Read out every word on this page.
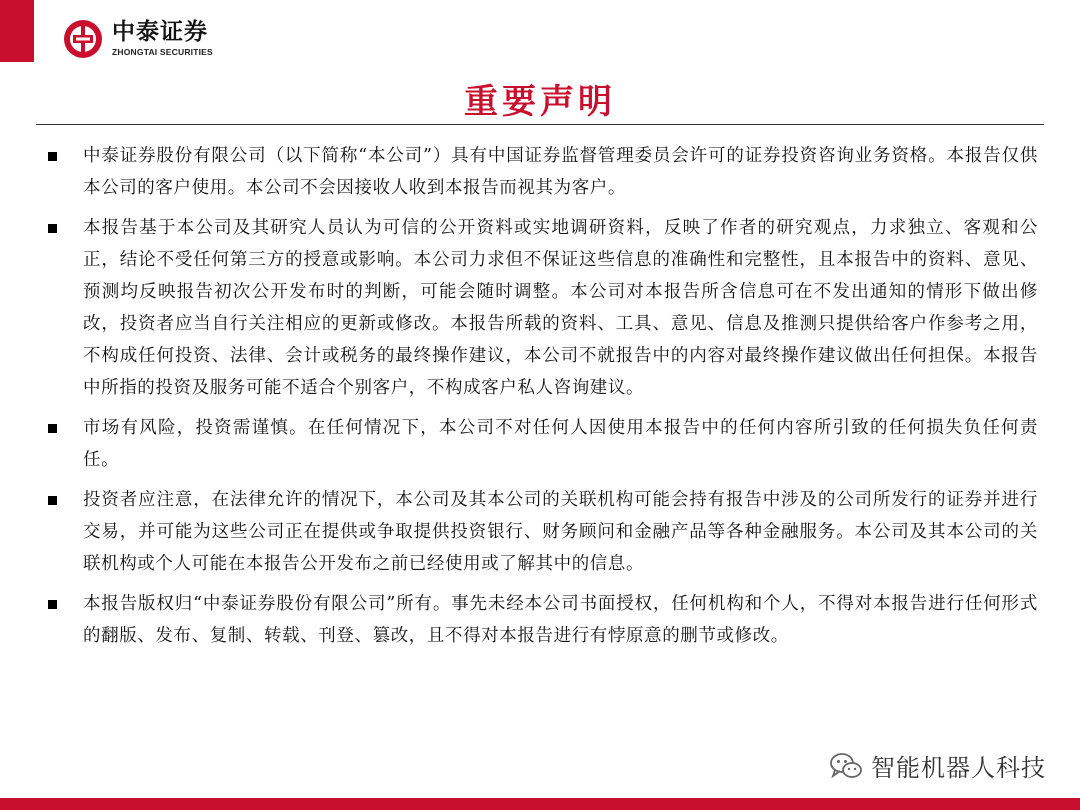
中泰证券
ZHONGTAI SECURITIES
重要声明
中泰证券股份有限公司（以下简称“本公司”）具有中国证券监督管理委员会许可的证券投资咨询业务资格。本报告仅供本公司的客户使用。本公司不会因接收人收到本报告而视其为客户。
本报告基于本公司及其研究人员认为可信的公开资料或实地调研资料，反映了作者的研究观点，力求独立、客观和公正，结论不受任何第三方的授意或影响。本公司力求但不保证这些信息的准确性和完整性，且本报告中的资料、意见、预测均反映报告初次公开发布时的判断，可能会随时调整。本公司对本报告所含信息可在不发出通知的情形下做出修改，投资者应当自行关注相应的更新或修改。本报告所载的资料、工具、意见、信息及推测只提供给客户作参考之用，不构成任何投资、法律、会计或税务的最终操作建议，本公司不就报告中的内容对最终操作建议做出任何担保。本报告中所指的投资及服务可能不适合个别客户，不构成客户私人咨询建议。
市场有风险，投资需谨慎。在任何情况下，本公司不对任何人因使用本报告中的任何内容所引致的任何损失负任何责任。
投资者应注意，在法律允许的情况下，本公司及其本公司的关联机构可能会持有报告中涉及的公司所发行的证券并进行交易，并可能为这些公司正在提供或争取提供投资银行、财务顾问和金融产品等各种金融服务。本公司及其本公司的关联机构或个人可能在本报告公开发布之前已经使用或了解其中的信息。
本报告版权归“中泰证券股份有限公司”所有。事先未经本公司书面授权，任何机构和个人，不得对本报告进行任何形式的翻版、发布、复制、转载、刊登、篡改，且不得对本报告进行有悖原意的删节或修改。
智能机器人科技
